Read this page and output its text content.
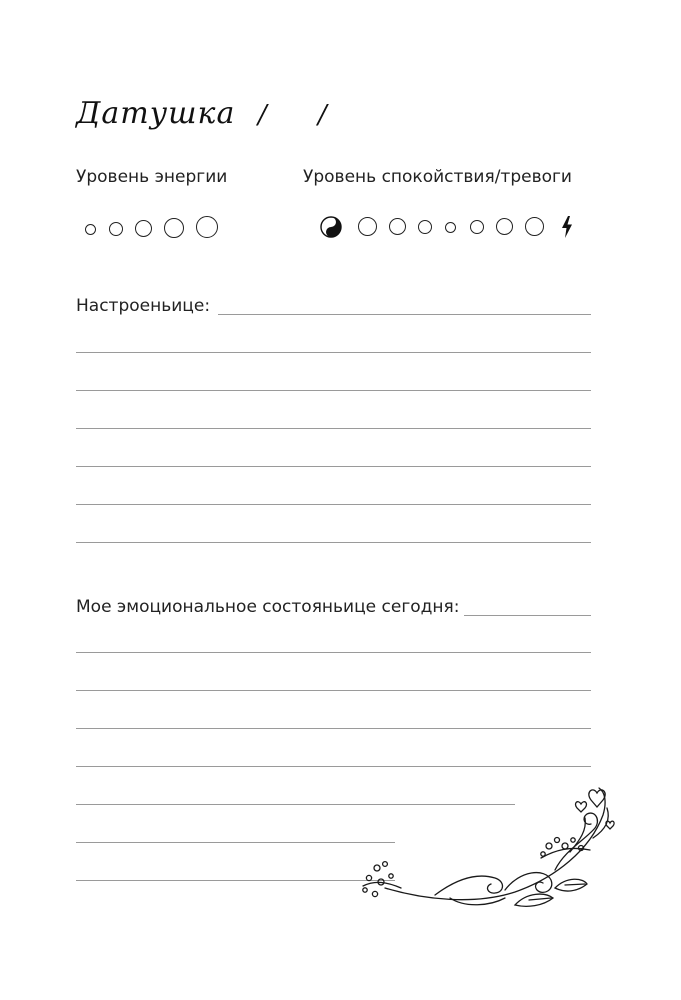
Датушка / /
Уровень энергии	Уровень спокойствия/тревоги
Настроеньице:
Мое эмоциональное состояньице сегодня:
